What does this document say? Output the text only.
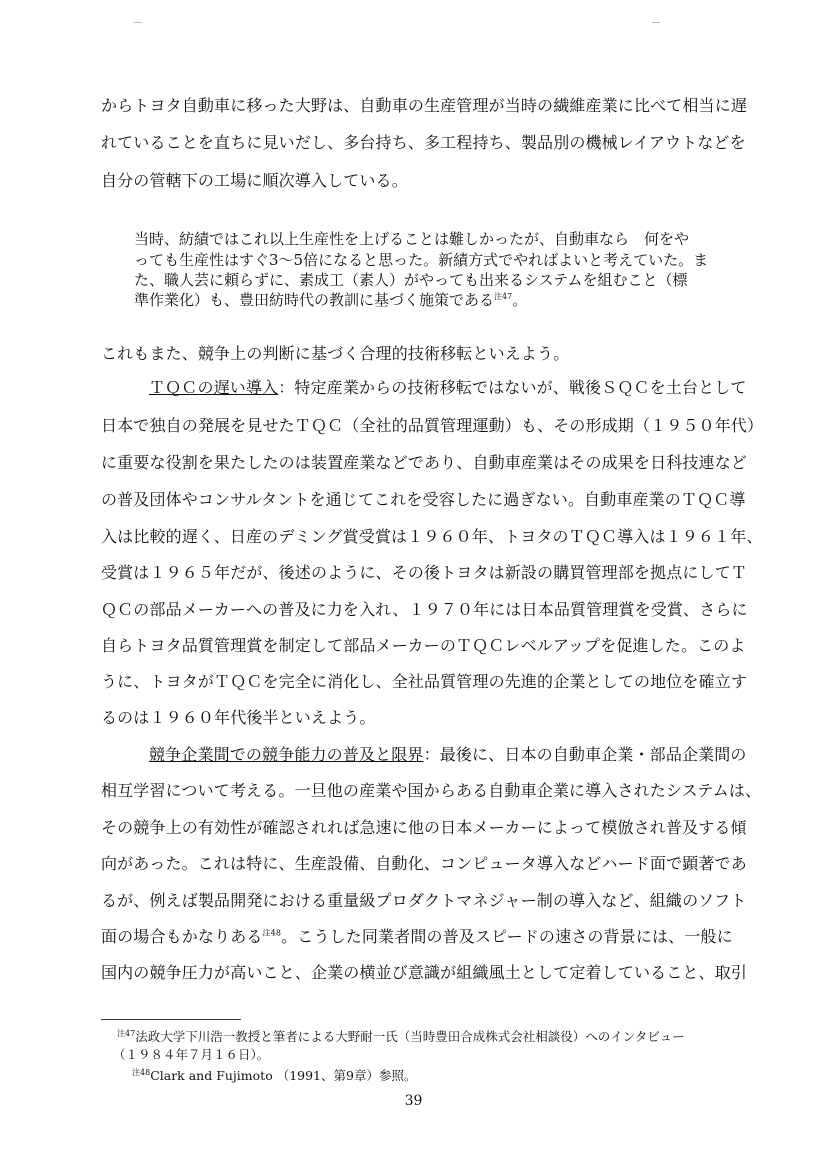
からトヨタ自動車に移った大野は、自動車の生産管理が当時の繊維産業に比べて相当に遅
れていることを直ちに見いだし、多台持ち、多工程持ち、製品別の機械レイアウトなどを
自分の管轄下の工場に順次導入している。
当時、紡績ではこれ以上生産性を上げることは難しかったが、自動車なら　何をや
っても生産性はすぐ3〜5倍になると思った。新績方式でやればよいと考えていた。ま
た、職人芸に頼らずに、素成工（素人）がやっても出来るシステムを組むこと（標
準作業化）も、豊田紡時代の教訓に基づく施策である$^{注47}$。
これもまた、競争上の判断に基づく合理的技術移転といえよう。
ＴＱＣの遅い導入：特定産業からの技術移転ではないが、戦後ＳＱＣを土台として
日本で独自の発展を見せたＴＱＣ（全社的品質管理運動）も、その形成期（１９５０年代）
に重要な役割を果たしたのは装置産業などであり、自動車産業はその成果を日科技連など
の普及団体やコンサルタントを通じてこれを受容したに過ぎない。自動車産業のＴＱＣ導
入は比較的遅く、日産のデミング賞受賞は１９６０年、トヨタのＴＱＣ導入は１９６１年、
受賞は１９６５年だが、後述のように、その後トヨタは新設の購買管理部を拠点にしてＴ
ＱＣの部品メーカーへの普及に力を入れ、１９７０年には日本品質管理賞を受賞、さらに
自らトヨタ品質管理賞を制定して部品メーカーのＴＱＣレベルアップを促進した。このよ
うに、トヨタがＴＱＣを完全に消化し、全社品質管理の先進的企業としての地位を確立す
るのは１９６０年代後半といえよう。
競争企業間での競争能力の普及と限界：最後に、日本の自動車企業・部品企業間の
相互学習について考える。一旦他の産業や国からある自動車企業に導入されたシステムは、
その競争上の有効性が確認されれば急速に他の日本メーカーによって模倣され普及する傾
向があった。これは特に、生産設備、自動化、コンピュータ導入などハード面で顕著であ
るが、例えば製品開発における重量級プロダクトマネジャー制の導入など、組織のソフト
面の場合もかなりある$^{注48}$。こうした同業者間の普及スピードの速さの背景には、一般に
国内の競争圧力が高いこと、企業の横並び意識が組織風土として定着していること、取引
$^{注47}$法政大学下川浩一教授と筆者による大野耐一氏（当時豊田合成株式会社相談役）へのインタビュー
（１９８４年７月１６日）。
$^{注48}$Clark and Fujimoto （1991、第9章）参照。
39
